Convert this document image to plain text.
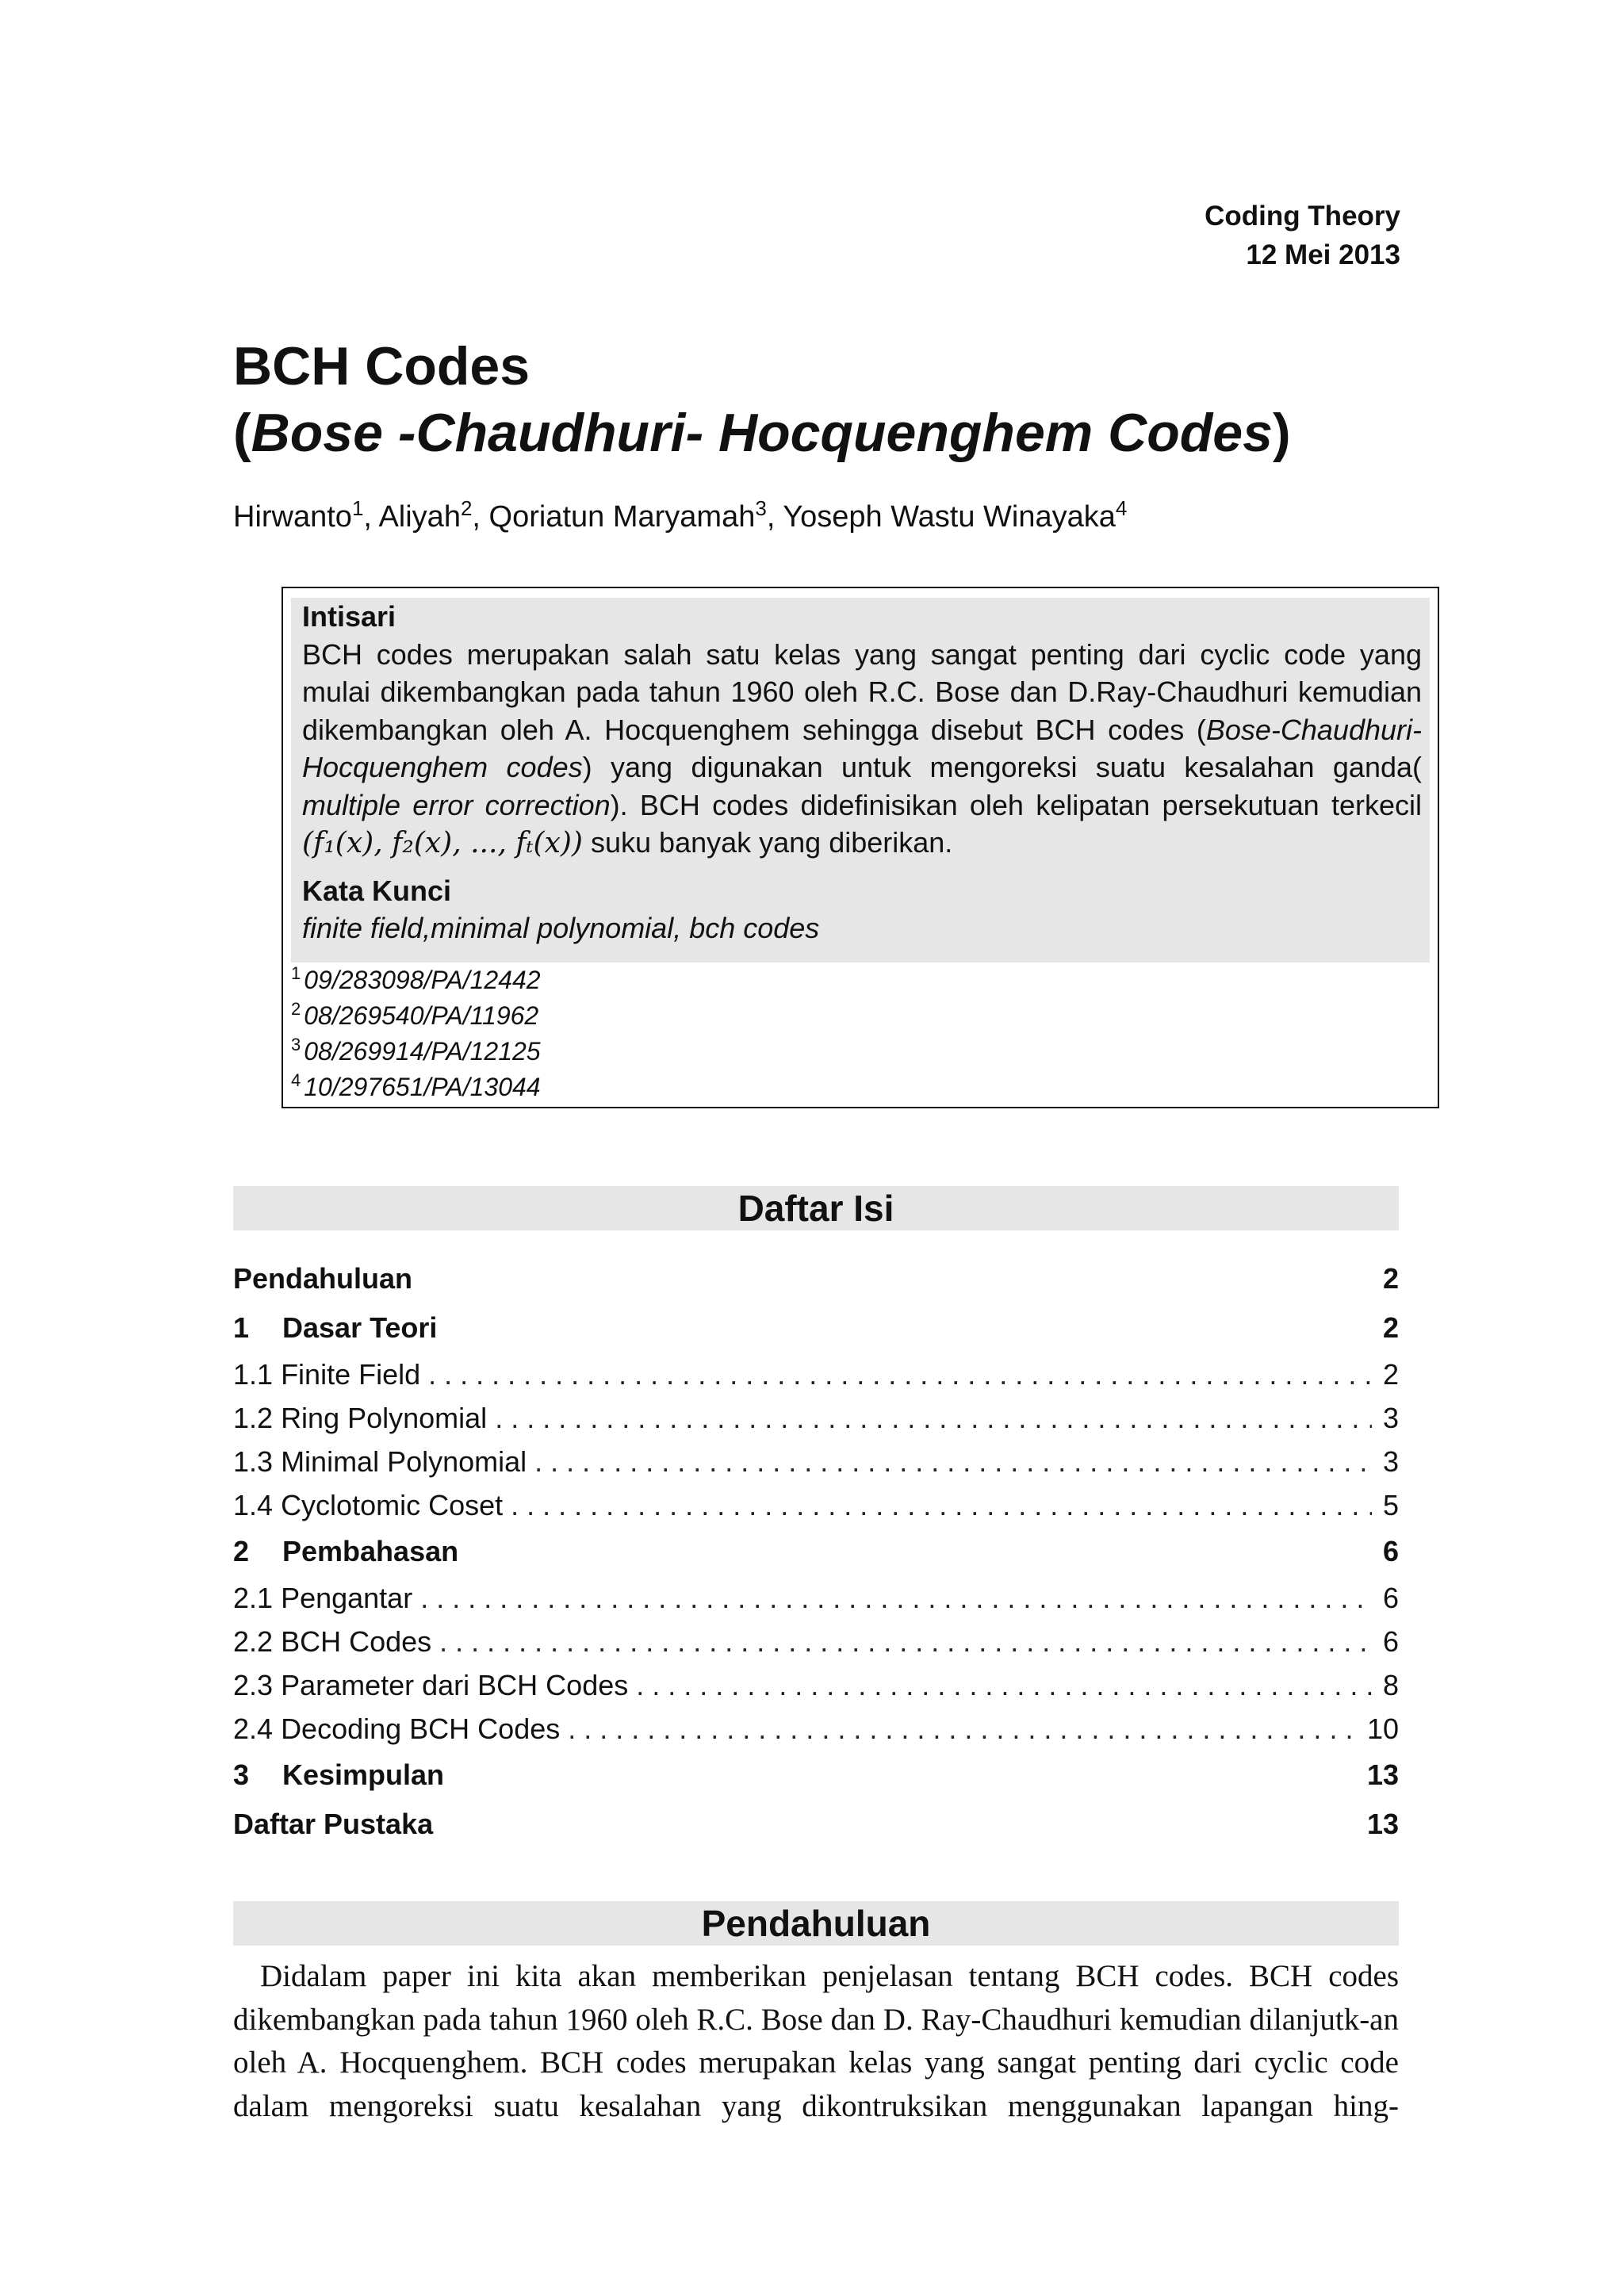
Coding Theory
12 Mei 2013
BCH Codes
(Bose -Chaudhuri- Hocquenghem Codes)
Hirwanto$^1$, Aliyah$^2$, Qoriatun Maryamah$^3$, Yoseph Wastu Winayaka$^4$
Intisari
BCH codes merupakan salah satu kelas yang sangat penting dari cyclic code yang mulai dikembangkan pada tahun 1960 oleh R.C. Bose dan D.Ray-Chaudhuri kemudian dikembangkan oleh A. Hocquenghem sehingga disebut BCH codes (Bose-Chaudhuri-Hocquenghem codes) yang digunakan untuk mengoreksi suatu kesalahan ganda( multiple error correction). BCH codes didefinisikan oleh kelipatan persekutuan terkecil (f₁(x), f₂(x), ..., fₜ(x)) suku banyak yang diberikan.
Kata Kunci
finite field,minimal polynomial, bch codes
$^1$ 09/283098/PA/12442
$^2$ 08/269540/PA/11962
$^3$ 08/269914/PA/12125
$^4$ 10/297651/PA/13044
Daftar Isi
Pendahuluan	2
1 Dasar Teori	2
1.1 Finite Field . . .	2
1.2 Ring Polynomial . . .	3
1.3 Minimal Polynomial . . .	3
1.4 Cyclotomic Coset . . .	5
2 Pembahasan	6
2.1 Pengantar . . .	6
2.2 BCH Codes . . .	6
2.3 Parameter dari BCH Codes . . .	8
2.4 Decoding BCH Codes . . .	10
3 Kesimpulan	13
Daftar Pustaka	13
Pendahuluan
Didalam paper ini kita akan memberikan penjelasan tentang BCH codes. BCH codes dikembangkan pada tahun 1960 oleh R.C. Bose dan D. Ray-Chaudhuri kemudian dilanjutk-an oleh A. Hocquenghem. BCH codes merupakan kelas yang sangat penting dari cyclic code dalam mengoreksi suatu kesalahan yang dikontruksikan menggunakan lapangan hing-
